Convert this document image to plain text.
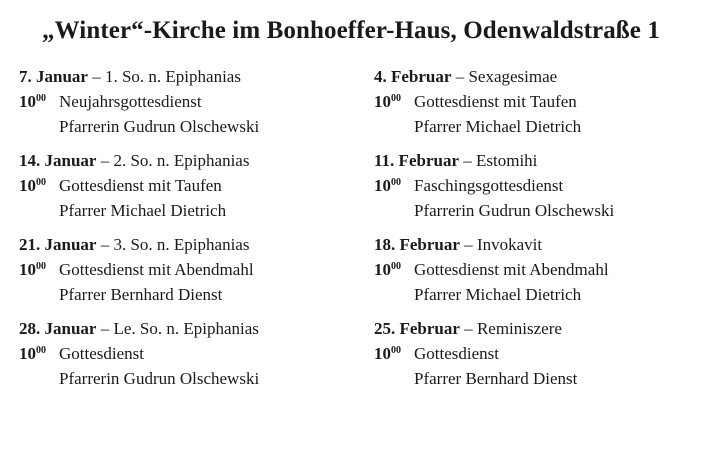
„Winter“-Kirche im Bonhoeffer-Haus, Odenwaldstraße 1
7. Januar – 1. So. n. Epiphanias
$10^{00}$ Neujahrsgottesdienst
Pfarrerin Gudrun Olschewski
14. Januar – 2. So. n. Epiphanias
$10^{00}$ Gottesdienst mit Taufen
Pfarrer Michael Dietrich
21. Januar – 3. So. n. Epiphanias
$10^{00}$ Gottesdienst mit Abendmahl
Pfarrer Bernhard Dienst
28. Januar – Le. So. n. Epiphanias
$10^{00}$ Gottesdienst
Pfarrerin Gudrun Olschewski
4. Februar – Sexagesimae
$10^{00}$ Gottesdienst mit Taufen
Pfarrer Michael Dietrich
11. Februar – Estomihi
$10^{00}$ Faschingsgottesdienst
Pfarrerin Gudrun Olschewski
18. Februar – Invokavit
$10^{00}$ Gottesdienst mit Abendmahl
Pfarrer Michael Dietrich
25. Februar – Reminiszere
$10^{00}$ Gottesdienst
Pfarrer Bernhard Dienst
